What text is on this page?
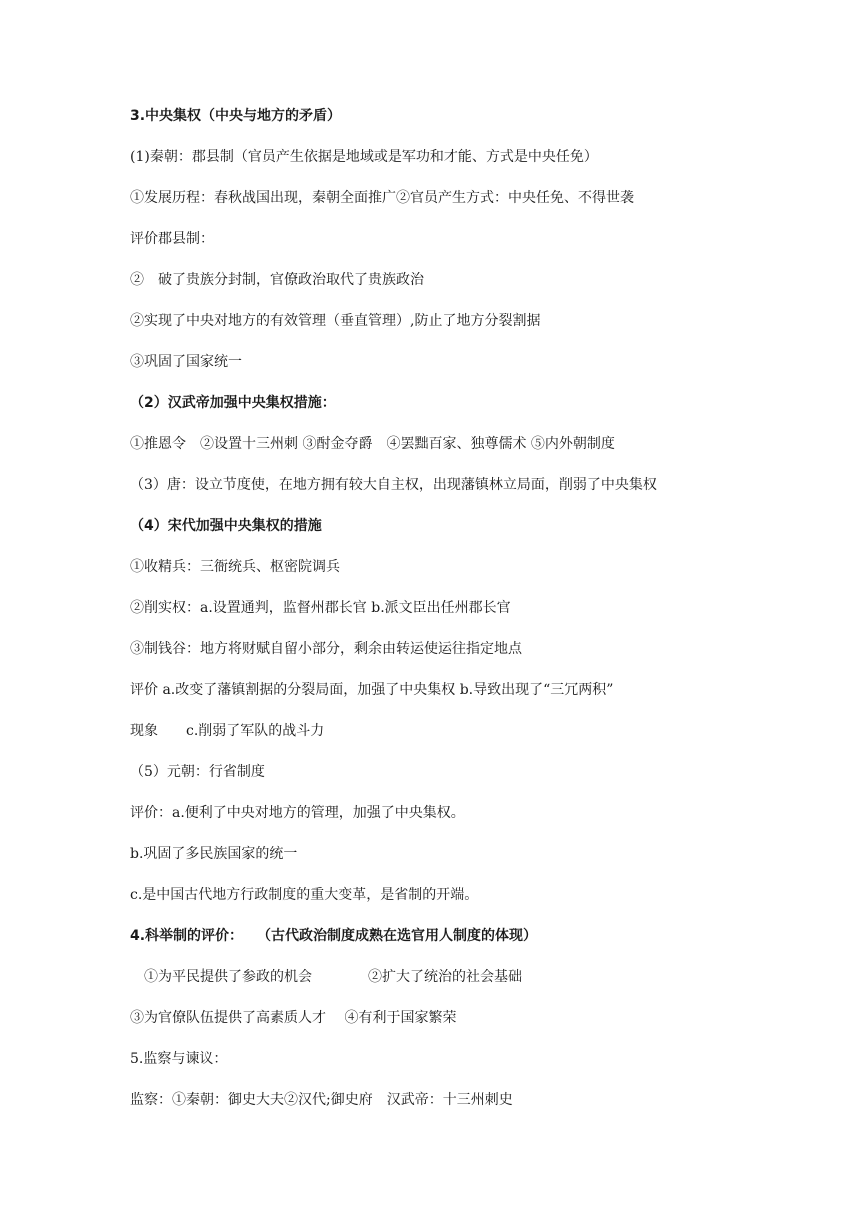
3.中央集权（中央与地方的矛盾）
(1)秦朝：郡县制（官员产生依据是地域或是军功和才能、方式是中央任免）
①发展历程：春秋战国出现，秦朝全面推广②官员产生方式：中央任免、不得世袭
评价郡县制：
②　破了贵族分封制，官僚政治取代了贵族政治
②实现了中央对地方的有效管理（垂直管理）,防止了地方分裂割据
③巩固了国家统一
（2）汉武帝加强中央集权措施：
①推恩令　②设置十三州刺 ③酎金夺爵　④罢黜百家、独尊儒术 ⑤内外朝制度
（3）唐：设立节度使，在地方拥有较大自主权，出现藩镇林立局面，削弱了中央集权
（4）宋代加强中央集权的措施
①收精兵：三衙统兵、枢密院调兵
②削实权：a.设置通判，监督州郡长官 b.派文臣出任州郡长官
③制钱谷：地方将财赋自留小部分，剩余由转运使运往指定地点
评价 a.改变了藩镇割据的分裂局面，加强了中央集权 b.导致出现了“三冗两积”
现象　　c.削弱了军队的战斗力
（5）元朝：行省制度
评价：a.便利了中央对地方的管理，加强了中央集权。
b.巩固了多民族国家的统一
c.是中国古代地方行政制度的重大变革，是省制的开端。
4.科举制的评价：　　（古代政治制度成熟在选官用人制度的体现）
　①为平民提供了参政的机会　　　　②扩大了统治的社会基础
③为官僚队伍提供了高素质人才　 ④有利于国家繁荣
5.监察与谏议：
监察：①秦朝：御史大夫②汉代;御史府　汉武帝：十三州刺史
